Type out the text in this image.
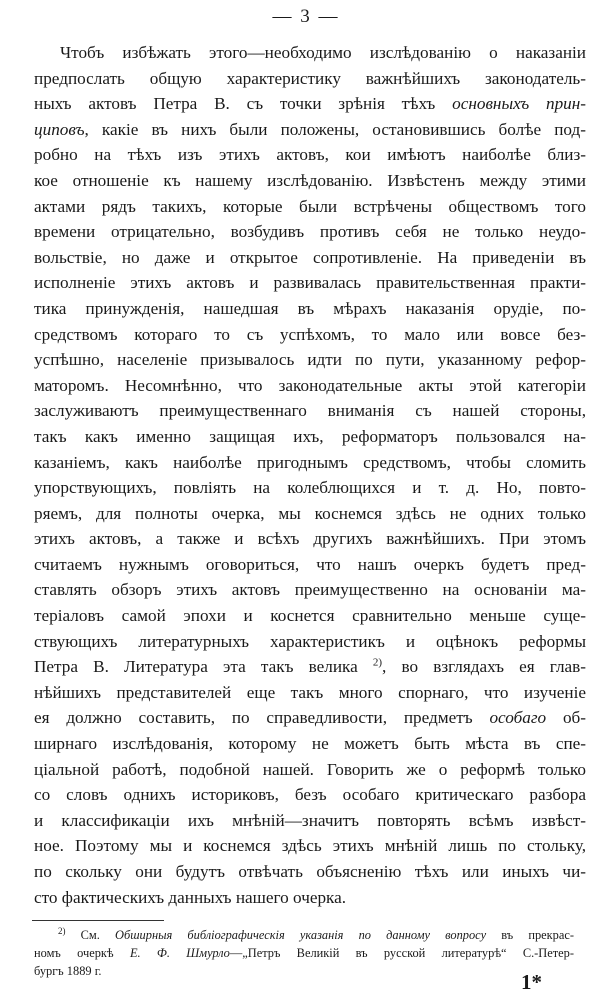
— 3 —
Чтобъ избѣжать этого—необходимо изслѣдованію о наказаніи
предпослать общую характеристику важнѣйшихъ законодатель-
ныхъ актовъ Петра В. съ точки зрѣнія тѣхъ основныхъ прин-
циповъ, какіе въ нихъ были положены, остановившись болѣе под-
робно на тѣхъ изъ этихъ актовъ, кои имѣютъ наиболѣе близ-
кое отношеніе къ нашему изслѣдованію. Извѣстенъ между этими
актами рядъ такихъ, которые были встрѣчены обществомъ того
времени отрицательно, возбудивъ противъ себя не только неудо-
вольствіе, но даже и открытое сопротивленіе. На приведеніи въ
исполненіе этихъ актовъ и развивалась правительственная практи-
тика принужденія, нашедшая въ мѣрахъ наказанія орудіе, по-
средствомъ котораго то съ успѣхомъ, то мало или вовсе без-
успѣшно, населеніе призывалось идти по пути, указанному рефор-
маторомъ. Несомнѣнно, что законодательные акты этой категоріи
заслуживаютъ преимущественнаго вниманія съ нашей стороны,
такъ какъ именно защищая ихъ, реформаторъ пользовался на-
казаніемъ, какъ наиболѣе пригоднымъ средствомъ, чтобы сломить
упорствующихъ, повліять на колеблющихся и т. д. Но, повто-
ряемъ, для полноты очерка, мы коснемся здѣсь не одних только
этихъ актовъ, а также и всѣхъ другихъ важнѣйшихъ. При этомъ
считаемъ нужнымъ оговориться, что нашъ очеркъ будетъ пред-
ставлять обзоръ этихъ актовъ преимущественно на основаніи ма-
теріаловъ самой эпохи и коснется сравнительно меньше суще-
ствующихъ литературныхъ характеристикъ и оцѣнокъ реформы
Петра В. Литература эта такъ велика $^{2)}$, во взглядахъ ея глав-
нѣйшихъ представителей еще такъ много спорнаго, что изученіе
ея должно составить, по справедливости, предметъ особаго об-
ширнаго изслѣдованія, которому не можетъ быть мѣста въ спе-
ціальной работѣ, подобной нашей. Говорить же о реформѣ только
со словъ однихъ историковъ, безъ особаго критическаго разбора
и классификаціи ихъ мнѣній—значитъ повторять всѣмъ извѣст-
ное. Поэтому мы и коснемся здѣсь этихъ мнѣній лишь по стольку,
по скольку они будутъ отвѣчать объясненію тѣхъ или иныхъ чи-
сто фактическихъ данныхъ нашего очерка.
$^{2)}$ См. Обширныя библіографическія указанія по данному вопросу въ прекрас-
номъ очеркѣ Е. Ф. Шмурло—„Петръ Великій въ русской литературѣ“ С.-Петер-
бургъ 1889 г.	1*
